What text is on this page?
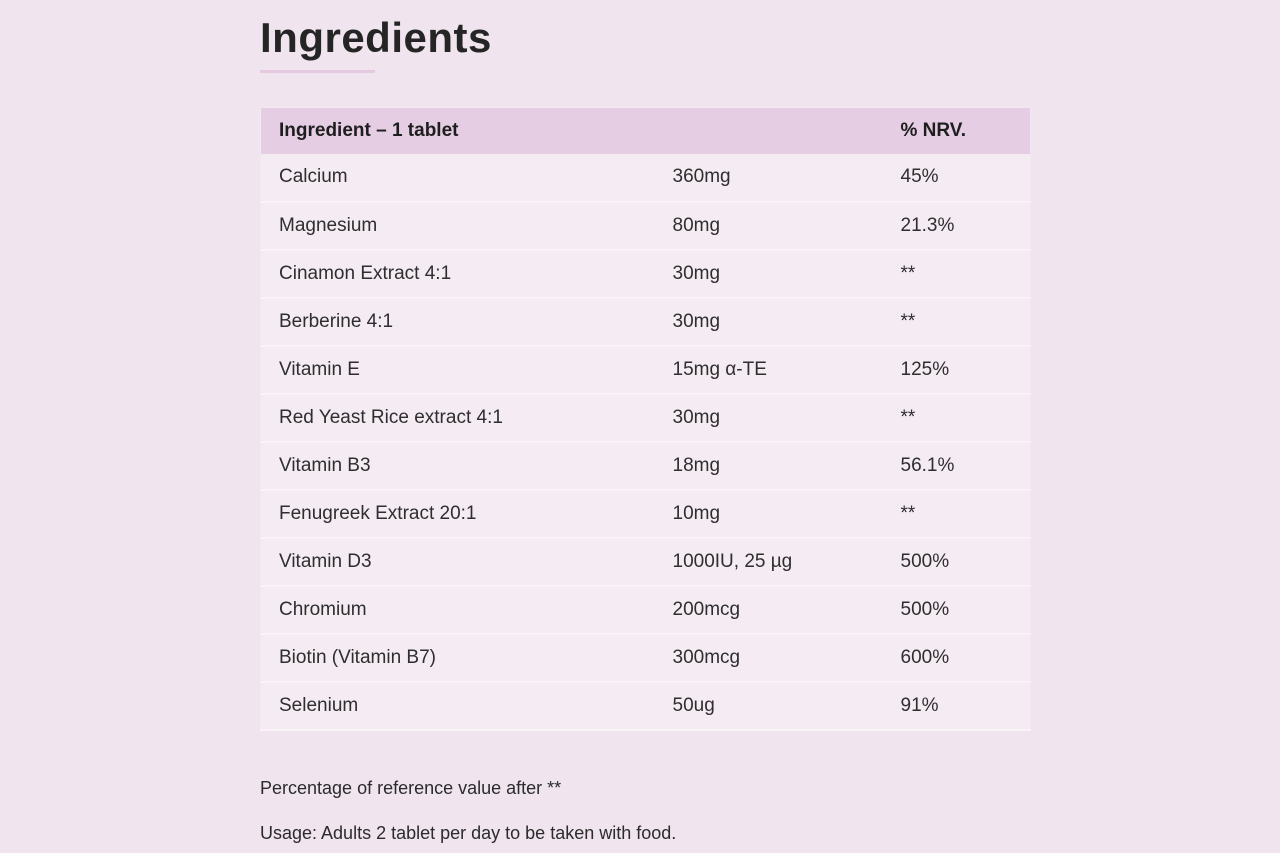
Ingredients
Ingredient – 1 tablet		% NRV.
Calcium	360mg	45%
Magnesium	80mg	21.3%
Cinamon Extract 4:1	30mg	**
Berberine 4:1	30mg	**
Vitamin E	15mg α-TE	125%
Red Yeast Rice extract 4:1	30mg	**
Vitamin B3	18mg	56.1%
Fenugreek Extract 20:1	10mg	**
Vitamin D3	1000IU, 25 µg	500%
Chromium	200mcg	500%
Biotin (Vitamin B7)	300mcg	600%
Selenium	50ug	91%

Percentage of reference value after **

Usage: Adults 2 tablet per day to be taken with food.
